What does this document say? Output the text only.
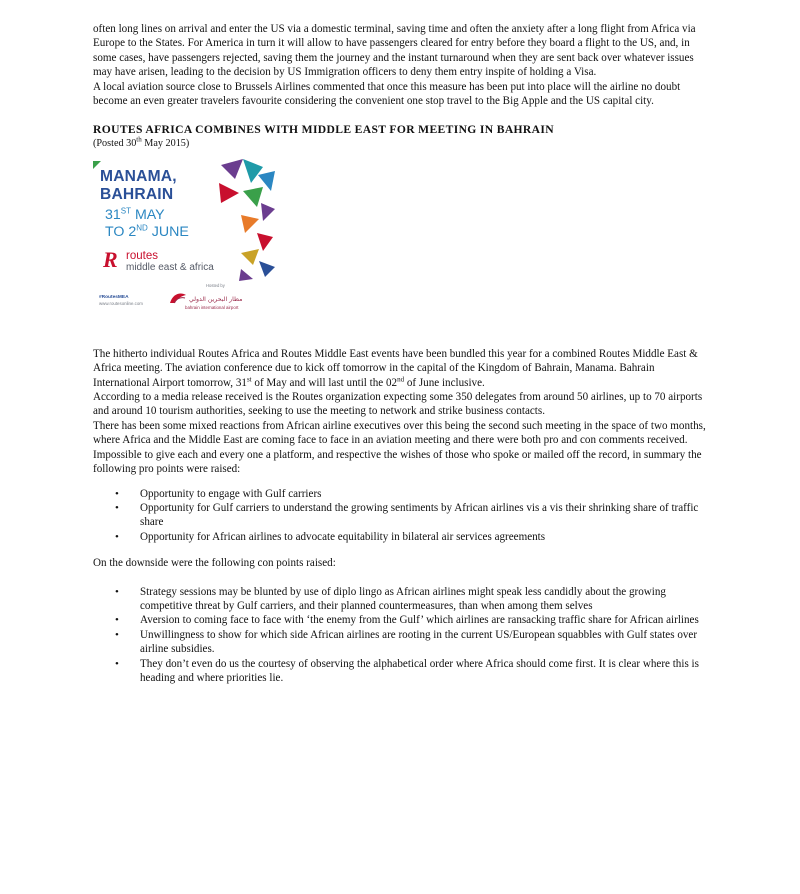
often long lines on arrival and enter the US via a domestic terminal, saving time and often the anxiety after a long flight from Africa via Europe to the States. For America in turn it will allow to have passengers cleared for entry before they board a flight to the US, and, in some cases, have passengers rejected, saving them the journey and the instant turnaround when they are sent back over whatever issues may have arisen, leading to the decision by US Immigration officers to deny them entry inspite of holding a Visa.

A local aviation source close to Brussels Airlines commented that once this measure has been put into place will the airline no doubt become an even greater travelers favourite considering the convenient one stop travel to the Big Apple and the US capital city.

ROUTES AFRICA COMBINES WITH MIDDLE EAST FOR MEETING IN BAHRAIN

(Posted 30th May 2015)

MANAMA,
BAHRAIN
31ST MAY
TO 2ND JUNE
R routes
middle east & africa
Hosted by
#RoutesMEA
www.routesonline.com
مطار البحرين الدولي
bahrain international airport

The hitherto individual Routes Africa and Routes Middle East events have been bundled this year for a combined Routes Middle East & Africa meeting. The aviation conference due to kick off tomorrow in the capital of the Kingdom of Bahrain, Manama. Bahrain International Airport tomorrow, 31st of May and will last until the 02nd of June inclusive.

According to a media release received is the Routes organization expecting some 350 delegates from around 50 airlines, up to 70 airports and around 10 tourism authorities, seeking to use the meeting to network and strike business contacts.

There has been some mixed reactions from African airline executives over this being the second such meeting in the space of two months, where Africa and the Middle East are coming face to face in an aviation meeting and there were both pro and con comments received.

Impossible to give each and every one a platform, and respective the wishes of those who spoke or mailed off the record, in summary the following pro points were raised:

• Opportunity to engage with Gulf carriers
• Opportunity for Gulf carriers to understand the growing sentiments by African airlines vis a vis their shrinking share of traffic share
• Opportunity for African airlines to advocate equitability in bilateral air services agreements

On the downside were the following con points raised:

• Strategy sessions may be blunted by use of diplo lingo as African airlines might speak less candidly about the growing competitive threat by Gulf carriers, and their planned countermeasures, than when among them selves
• Aversion to coming face to face with ‘the enemy from the Gulf’ which airlines are ransacking traffic share for African airlines
• Unwillingness to show for which side African airlines are rooting in the current US/European squabbles with Gulf states over airline subsidies.
• They don’t even do us the courtesy of observing the alphabetical order where Africa should come first. It is clear where this is heading and where priorities lie.
